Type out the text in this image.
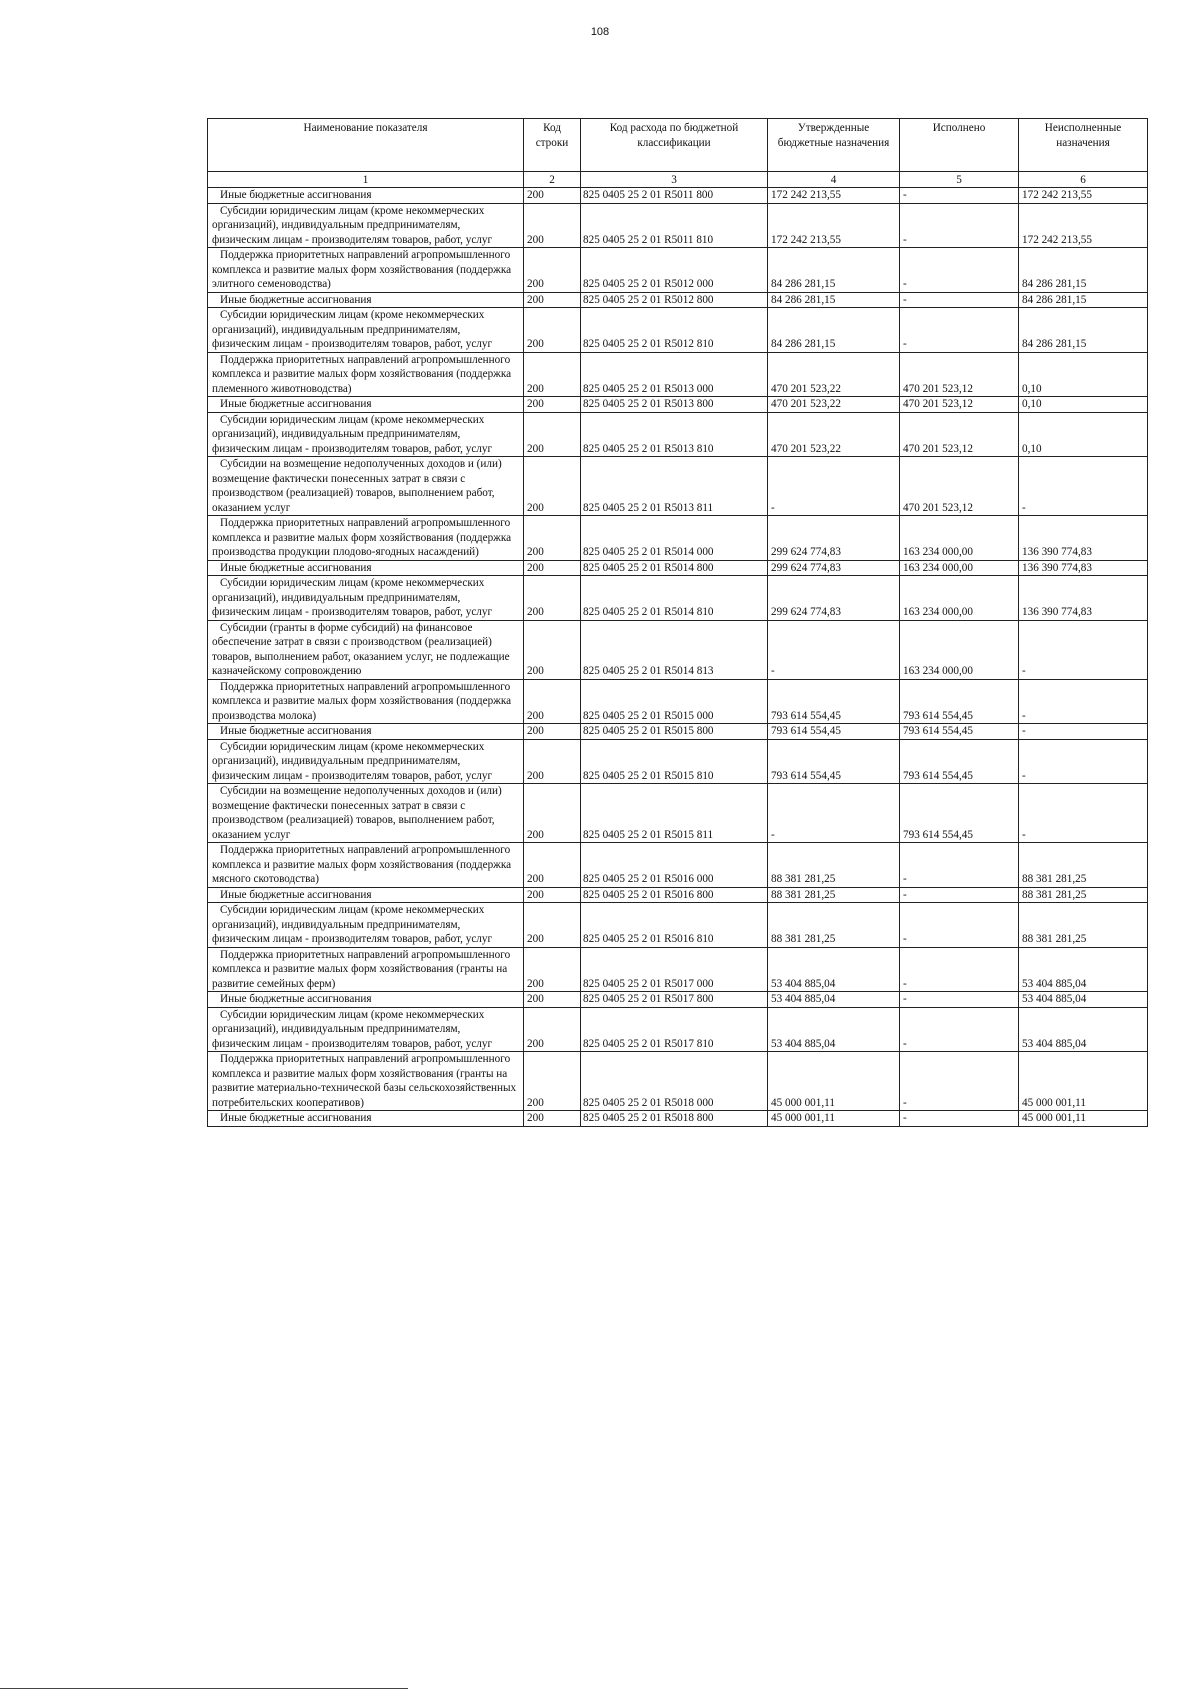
108
Наименование показателя	Код строки	Код расхода по бюджетной классификации	Утвержденные бюджетные назначения	Исполнено	Неисполненные назначения
1	2	3	4	5	6
Иные бюджетные ассигнования	200	825 0405 25 2 01 R5011 800	172 242 213,55	-	172 242 213,55
Субсидии юридическим лицам (кроме некоммерческих организаций), индивидуальным предпринимателям, физическим лицам - производителям товаров, работ, услуг	200	825 0405 25 2 01 R5011 810	172 242 213,55	-	172 242 213,55
Поддержка приоритетных направлений агропромышленного комплекса и развитие малых форм хозяйствования (поддержка элитного семеноводства)	200	825 0405 25 2 01 R5012 000	84 286 281,15	-	84 286 281,15
Иные бюджетные ассигнования	200	825 0405 25 2 01 R5012 800	84 286 281,15	-	84 286 281,15
Субсидии юридическим лицам (кроме некоммерческих организаций), индивидуальным предпринимателям, физическим лицам - производителям товаров, работ, услуг	200	825 0405 25 2 01 R5012 810	84 286 281,15	-	84 286 281,15
Поддержка приоритетных направлений агропромышленного комплекса и развитие малых форм хозяйствования (поддержка племенного животноводства)	200	825 0405 25 2 01 R5013 000	470 201 523,22	470 201 523,12	0,10
Иные бюджетные ассигнования	200	825 0405 25 2 01 R5013 800	470 201 523,22	470 201 523,12	0,10
Субсидии юридическим лицам (кроме некоммерческих организаций), индивидуальным предпринимателям, физическим лицам - производителям товаров, работ, услуг	200	825 0405 25 2 01 R5013 810	470 201 523,22	470 201 523,12	0,10
Субсидии на возмещение недополученных доходов и (или) возмещение фактически понесенных затрат в связи с производством (реализацией) товаров, выполнением работ, оказанием услуг	200	825 0405 25 2 01 R5013 811	-	470 201 523,12	-
Поддержка приоритетных направлений агропромышленного комплекса и развитие малых форм хозяйствования (поддержка производства продукции плодово-ягодных насаждений)	200	825 0405 25 2 01 R5014 000	299 624 774,83	163 234 000,00	136 390 774,83
Иные бюджетные ассигнования	200	825 0405 25 2 01 R5014 800	299 624 774,83	163 234 000,00	136 390 774,83
Субсидии юридическим лицам (кроме некоммерческих организаций), индивидуальным предпринимателям, физическим лицам - производителям товаров, работ, услуг	200	825 0405 25 2 01 R5014 810	299 624 774,83	163 234 000,00	136 390 774,83
Субсидии (гранты в форме субсидий) на финансовое обеспечение затрат в связи с производством (реализацией) товаров, выполнением работ, оказанием услуг, не подлежащие казначейскому сопровождению	200	825 0405 25 2 01 R5014 813	-	163 234 000,00	-
Поддержка приоритетных направлений агропромышленного комплекса и развитие малых форм хозяйствования (поддержка производства молока)	200	825 0405 25 2 01 R5015 000	793 614 554,45	793 614 554,45	-
Иные бюджетные ассигнования	200	825 0405 25 2 01 R5015 800	793 614 554,45	793 614 554,45	-
Субсидии юридическим лицам (кроме некоммерческих организаций), индивидуальным предпринимателям, физическим лицам - производителям товаров, работ, услуг	200	825 0405 25 2 01 R5015 810	793 614 554,45	793 614 554,45	-
Субсидии на возмещение недополученных доходов и (или) возмещение фактически понесенных затрат в связи с производством (реализацией) товаров, выполнением работ, оказанием услуг	200	825 0405 25 2 01 R5015 811	-	793 614 554,45	-
Поддержка приоритетных направлений агропромышленного комплекса и развитие малых форм хозяйствования (поддержка мясного скотоводства)	200	825 0405 25 2 01 R5016 000	88 381 281,25	-	88 381 281,25
Иные бюджетные ассигнования	200	825 0405 25 2 01 R5016 800	88 381 281,25	-	88 381 281,25
Субсидии юридическим лицам (кроме некоммерческих организаций), индивидуальным предпринимателям, физическим лицам - производителям товаров, работ, услуг	200	825 0405 25 2 01 R5016 810	88 381 281,25	-	88 381 281,25
Поддержка приоритетных направлений агропромышленного комплекса и развитие малых форм хозяйствования (гранты на развитие семейных ферм)	200	825 0405 25 2 01 R5017 000	53 404 885,04	-	53 404 885,04
Иные бюджетные ассигнования	200	825 0405 25 2 01 R5017 800	53 404 885,04	-	53 404 885,04
Субсидии юридическим лицам (кроме некоммерческих организаций), индивидуальным предпринимателям, физическим лицам - производителям товаров, работ, услуг	200	825 0405 25 2 01 R5017 810	53 404 885,04	-	53 404 885,04
Поддержка приоритетных направлений агропромышленного комплекса и развитие малых форм хозяйствования (гранты на развитие материально-технической базы сельскохозяйственных потребительских кооперативов)	200	825 0405 25 2 01 R5018 000	45 000 001,11	-	45 000 001,11
Иные бюджетные ассигнования	200	825 0405 25 2 01 R5018 800	45 000 001,11	-	45 000 001,11
